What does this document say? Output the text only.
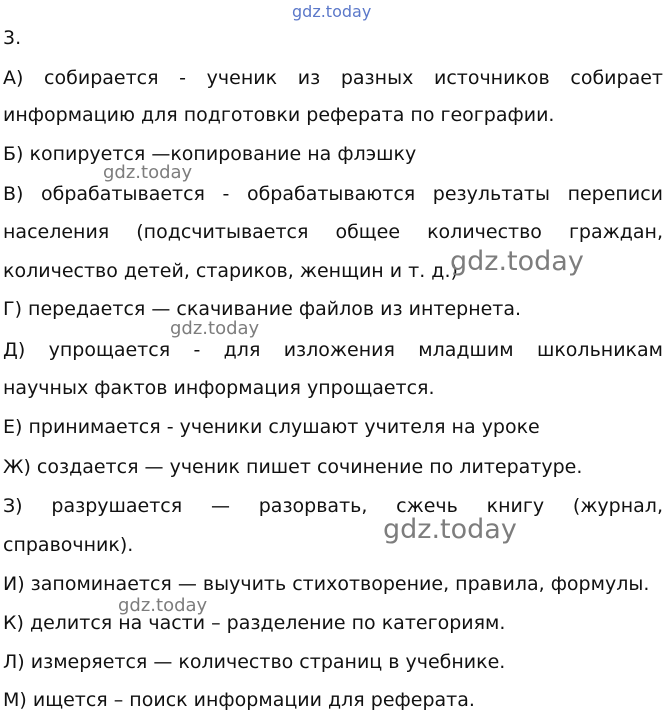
gdz.today
3.
А) собирается - ученик из разных источников собирает
информацию для подготовки реферата по географии.
Б) копируется —копирование на флэшку
В) обрабатывается - обрабатываются результаты переписи
населения (подсчитывается общее количество граждан,
количество детей, стариков, женщин и т. д.)
Г) передается — скачивание файлов из интернета.
Д) упрощается - для изложения младшим школьникам
научных фактов информация упрощается.
Е) принимается - ученики слушают учителя на уроке
Ж) создается — ученик пишет сочинение по литературе.
З) разрушается — разорвать, сжечь книгу (журнал,
справочник).
И) запоминается — выучить стихотворение, правила, формулы.
К) делится на части – разделение по категориям.
Л) измеряется — количество страниц в учебнике.
М) ищется – поиск информации для реферата.
gdz.today
gdz.today
gdz.today
gdz.today
gdz.today
